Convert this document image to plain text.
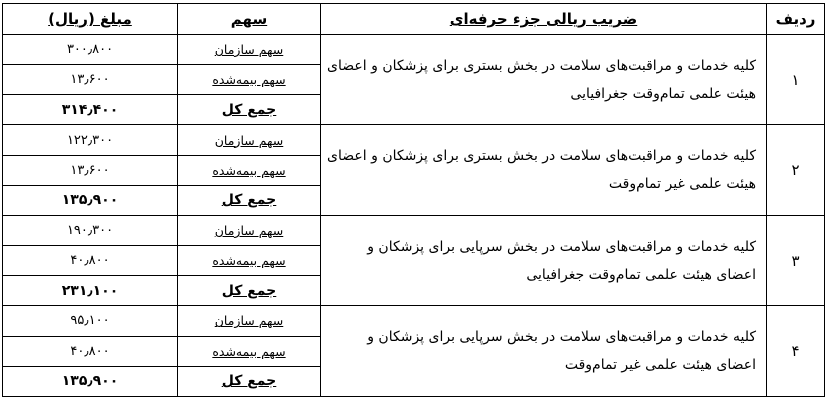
ردیف	ضریب ریالی جزء حرفه‌ای	سهم	مبلغ (ریال)
۱	کلیه خدمات و مراقبت‌های سلامت در بخش بستری برای پزشکان و اعضای هیئت علمی تمام‌وقت جغرافیایی	سهم سازمان	۳۰۰٫۸۰۰
		سهم بیمه‌شده	۱۳٫۶۰۰
		جمع کل	۳۱۴٫۴۰۰
۲	کلیه خدمات و مراقبت‌های سلامت در بخش بستری برای پزشکان و اعضای هیئت علمی غیر تمام‌وقت	سهم سازمان	۱۲۲٫۳۰۰
		سهم بیمه‌شده	۱۳٫۶۰۰
		جمع کل	۱۳۵٫۹۰۰
۳	کلیه خدمات و مراقبت‌های سلامت در بخش سرپایی برای پزشکان و اعضای هیئت علمی تمام‌وقت جغرافیایی	سهم سازمان	۱۹۰٫۳۰۰
		سهم بیمه‌شده	۴۰٫۸۰۰
		جمع کل	۲۳۱٫۱۰۰
۴	کلیه خدمات و مراقبت‌های سلامت در بخش سرپایی برای پزشکان و اعضای هیئت علمی غیر تمام‌وقت	سهم سازمان	۹۵٫۱۰۰
		سهم بیمه‌شده	۴۰٫۸۰۰
		جمع کل	۱۳۵٫۹۰۰
